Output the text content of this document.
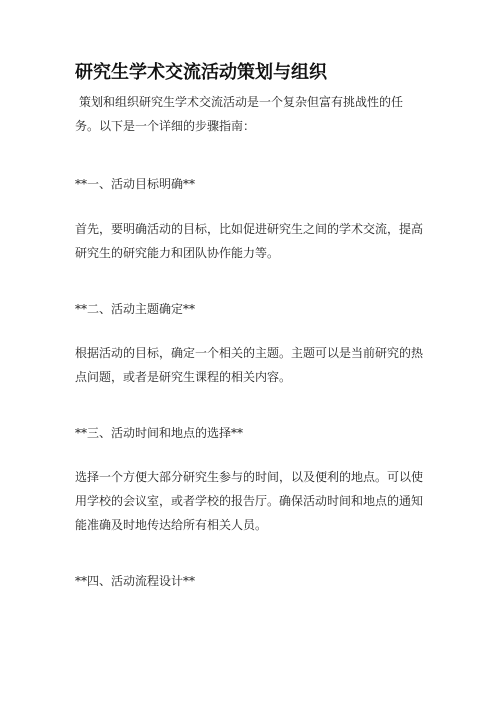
研究生学术交流活动策划与组织
策划和组织研究生学术交流活动是一个复杂但富有挑战性的任务。以下是一个详细的步骤指南：
**一、活动目标明确**
首先，要明确活动的目标，比如促进研究生之间的学术交流，提高研究生的研究能力和团队协作能力等。
**二、活动主题确定**
根据活动的目标，确定一个相关的主题。主题可以是当前研究的热点问题，或者是研究生课程的相关内容。
**三、活动时间和地点的选择**
选择一个方便大部分研究生参与的时间，以及便利的地点。可以使用学校的会议室，或者学校的报告厅。确保活动时间和地点的通知能准确及时地传达给所有相关人员。
**四、活动流程设计**
